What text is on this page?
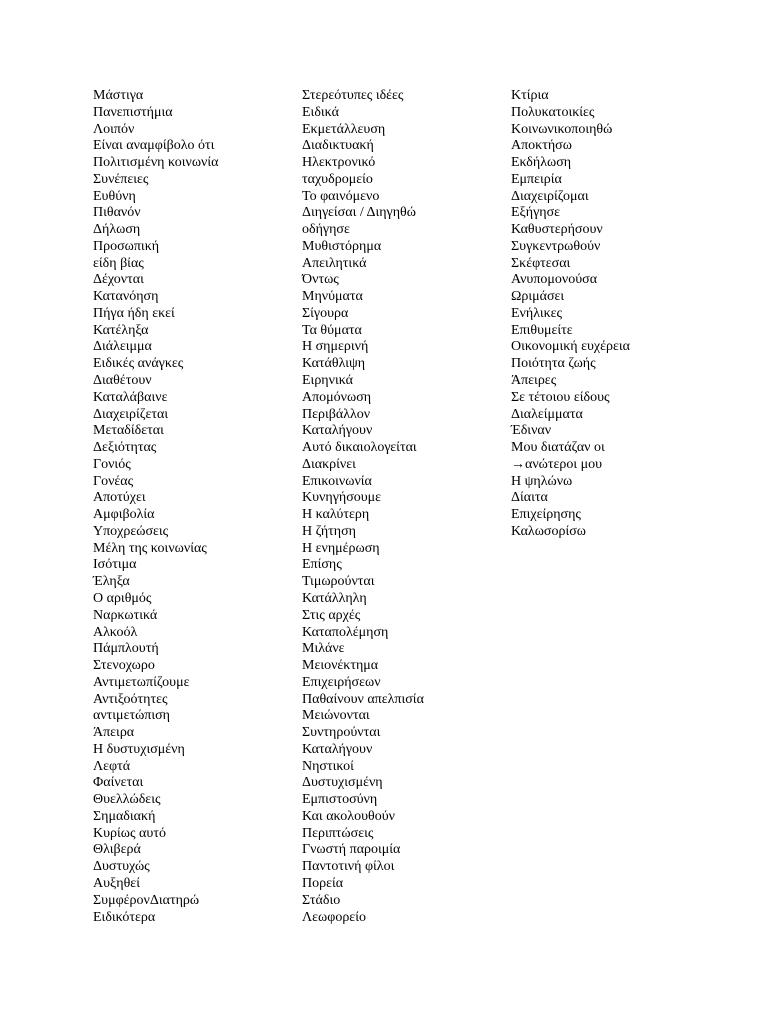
Μάστιγα
Πανεπιστήμια
Λοιπόν
Είναι αναμφίβολο ότι
Πολιτισμένη κοινωνία
Συνέπειες
Ευθύνη
Πιθανόν
Δήλωση
Προσωπική
είδη βίας
Δέχονται
Κατανόηση
Πήγα ήδη εκεί
Κατέληξα
Διάλειμμα
Ειδικές ανάγκες
Διαθέτουν
Καταλάβαινε
Διαχειρίζεται
Μεταδίδεται
Δεξιότητας
Γονιός
Γονέας
Αποτύχει
Αμφιβολία
Υποχρεώσεις
Μέλη της κοινωνίας
Ισότιμα
Έληξα
Ο αριθμός
Ναρκωτικά
Αλκοόλ
Πάμπλουτή
Στενοχωρο
Αντιμετωπίζουμε
Αντιξοότητες
αντιμετώπιση
Άπειρα
Η δυστυχισμένη
Λεφτά
Φαίνεται
Θυελλώδεις
Σημαδιακή
Κυρίως αυτό
Θλιβερά
Δυστυχώς
Αυξηθεί
ΣυμφέρονΔιατηρώ
Ειδικότερα
Στερεότυπες ιδέες
Ειδικά
Εκμετάλλευση
Διαδικτυακή
Ηλεκτρονικό
ταχυδρομείο
Το φαινόμενο
Διηγείσαι / Διηγηθώ
οδήγησε
Μυθιστόρημα
Απειλητικά
Όντως
Μηνύματα
Σίγουρα
Τα θύματα
Η σημερινή
Κατάθλιψη
Ειρηνικά
Απομόνωση
Περιβάλλον
Καταλήγουν
Αυτό δικαιολογείται
Διακρίνει
Επικοινωνία
Κυνηγήσουμε
Η καλύτερη
Η ζήτηση
Η ενημέρωση
Επίσης
Τιμωρούνται
Κατάλληλη
Στις αρχές
Καταπολέμηση
Μιλάνε
Μειονέκτημα
Επιχειρήσεων
Παθαίνουν απελπισία
Μειώνονται
Συντηρούνται
Καταλήγουν
Νηστικοί
Δυστυχισμένη
Εμπιστοσύνη
Και ακολουθούν
Περιπτώσεις
Γνωστή παροιμία
Παντοτινή φίλοι
Πορεία
Στάδιο
Λεωφορείο
Κτίρια
Πολυκατοικίες
Κοινωνικοποιηθώ
Αποκτήσω
Εκδήλωση
Εμπειρία
Διαχειρίζομαι
Εξήγησε
Καθυστερήσουν
Συγκεντρωθούν
Σκέφτεσαι
Ανυπομονούσα
Ωριμάσει
Ενήλικες
Επιθυμείτε
Οικονομική ευχέρεια
Ποιότητα ζωής
Άπειρες
Σε τέτοιου είδους
Διαλείμματα
Έδιναν
Μου διατάζαν οι
→ανώτεροι μου
Η ψηλώνω
Δίαιτα
Επιχείρησης
Καλωσορίσω
